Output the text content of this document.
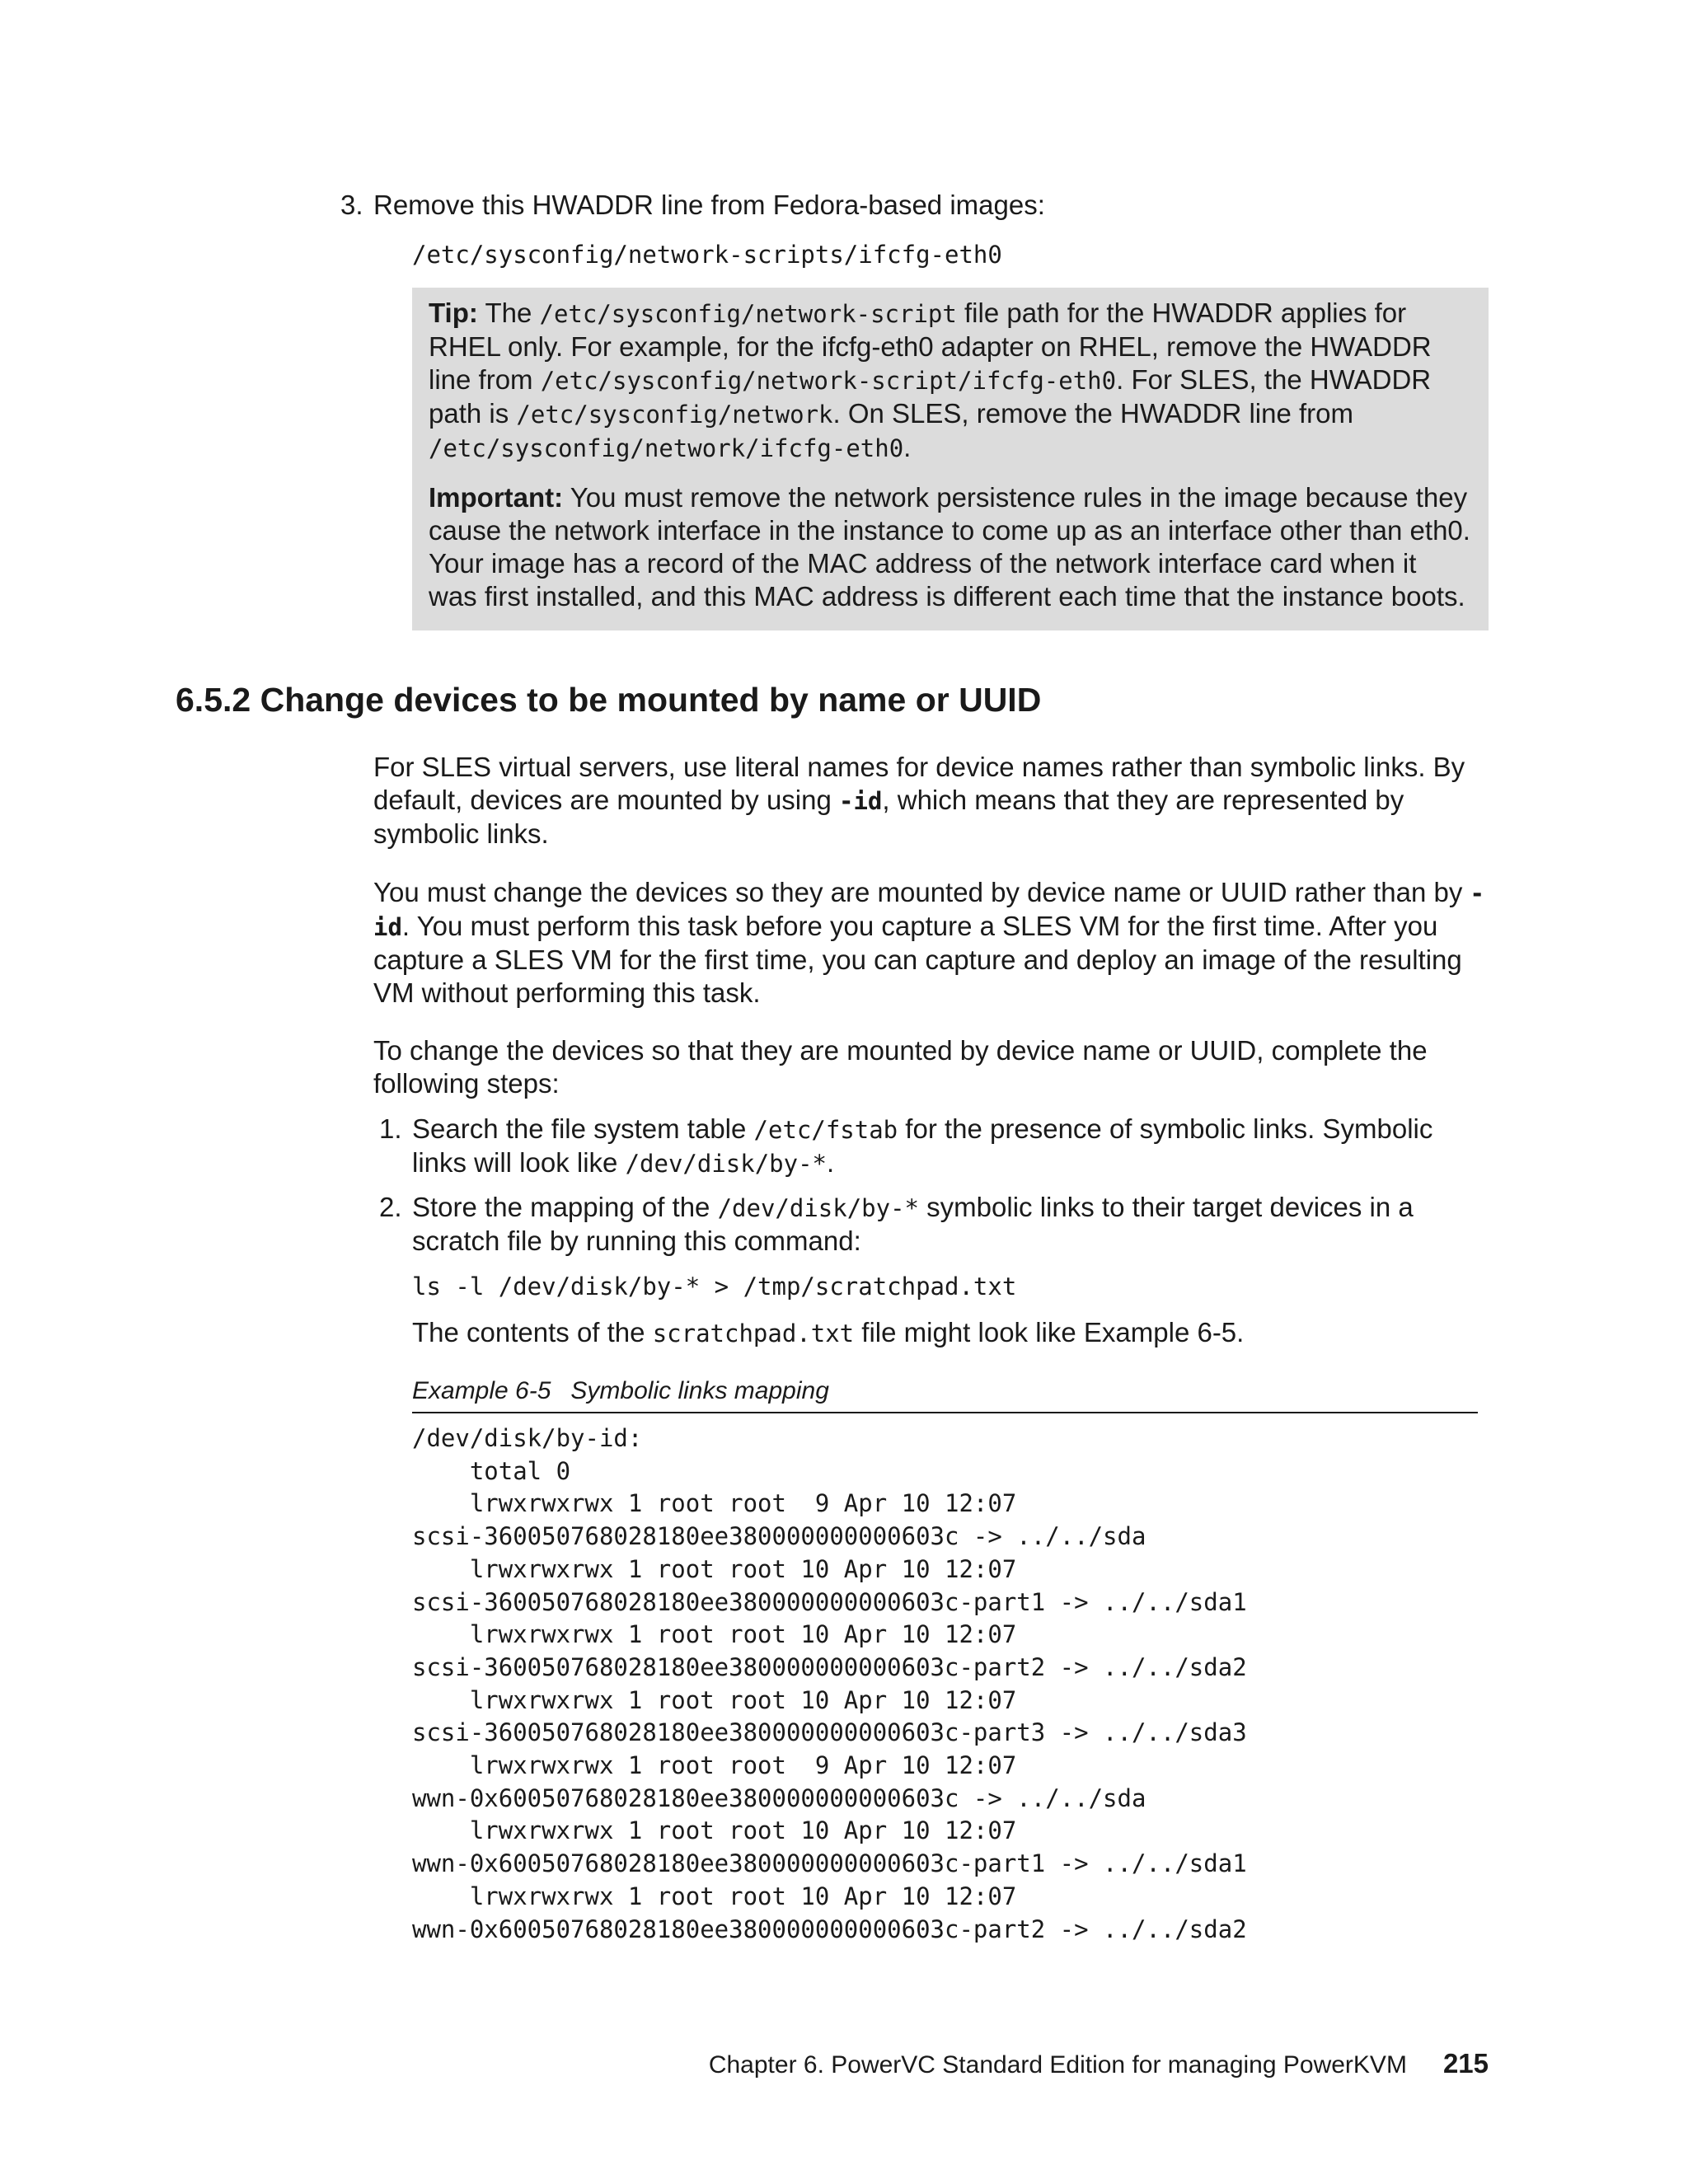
3. Remove this HWADDR line from Fedora-based images:
/etc/sysconfig/network-scripts/ifcfg-eth0

Tip: The /etc/sysconfig/network-script file path for the HWADDR applies for RHEL only. For example, for the ifcfg-eth0 adapter on RHEL, remove the HWADDR line from /etc/sysconfig/network-script/ifcfg-eth0. For SLES, the HWADDR path is /etc/sysconfig/network. On SLES, remove the HWADDR line from /etc/sysconfig/network/ifcfg-eth0.

Important: You must remove the network persistence rules in the image because they cause the network interface in the instance to come up as an interface other than eth0. Your image has a record of the MAC address of the network interface card when it was first installed, and this MAC address is different each time that the instance boots.

6.5.2 Change devices to be mounted by name or UUID

For SLES virtual servers, use literal names for device names rather than symbolic links. By default, devices are mounted by using -id, which means that they are represented by symbolic links.

You must change the devices so they are mounted by device name or UUID rather than by -id. You must perform this task before you capture a SLES VM for the first time. After you capture a SLES VM for the first time, you can capture and deploy an image of the resulting VM without performing this task.

To change the devices so that they are mounted by device name or UUID, complete the following steps:

1. Search the file system table /etc/fstab for the presence of symbolic links. Symbolic links will look like /dev/disk/by-*.
2. Store the mapping of the /dev/disk/by-* symbolic links to their target devices in a scratch file by running this command:
ls -l /dev/disk/by-* > /tmp/scratchpad.txt
The contents of the scratchpad.txt file might look like Example 6-5.
Example 6-5 Symbolic links mapping
/dev/disk/by-id:
total 0
lrwxrwxrwx 1 root root  9 Apr 10 12:07
scsi-360050768028180ee380000000000603c -> ../../sda
lrwxrwxrwx 1 root root 10 Apr 10 12:07
scsi-360050768028180ee380000000000603c-part1 -> ../../sda1
lrwxrwxrwx 1 root root 10 Apr 10 12:07
scsi-360050768028180ee380000000000603c-part2 -> ../../sda2
lrwxrwxrwx 1 root root 10 Apr 10 12:07
scsi-360050768028180ee380000000000603c-part3 -> ../../sda3
lrwxrwxrwx 1 root root  9 Apr 10 12:07
wwn-0x60050768028180ee380000000000603c -> ../../sda
lrwxrwxrwx 1 root root 10 Apr 10 12:07
wwn-0x60050768028180ee380000000000603c-part1 -> ../../sda1
lrwxrwxrwx 1 root root 10 Apr 10 12:07
wwn-0x60050768028180ee380000000000603c-part2 -> ../../sda2
Chapter 6. PowerVC Standard Edition for managing PowerKVM 215
